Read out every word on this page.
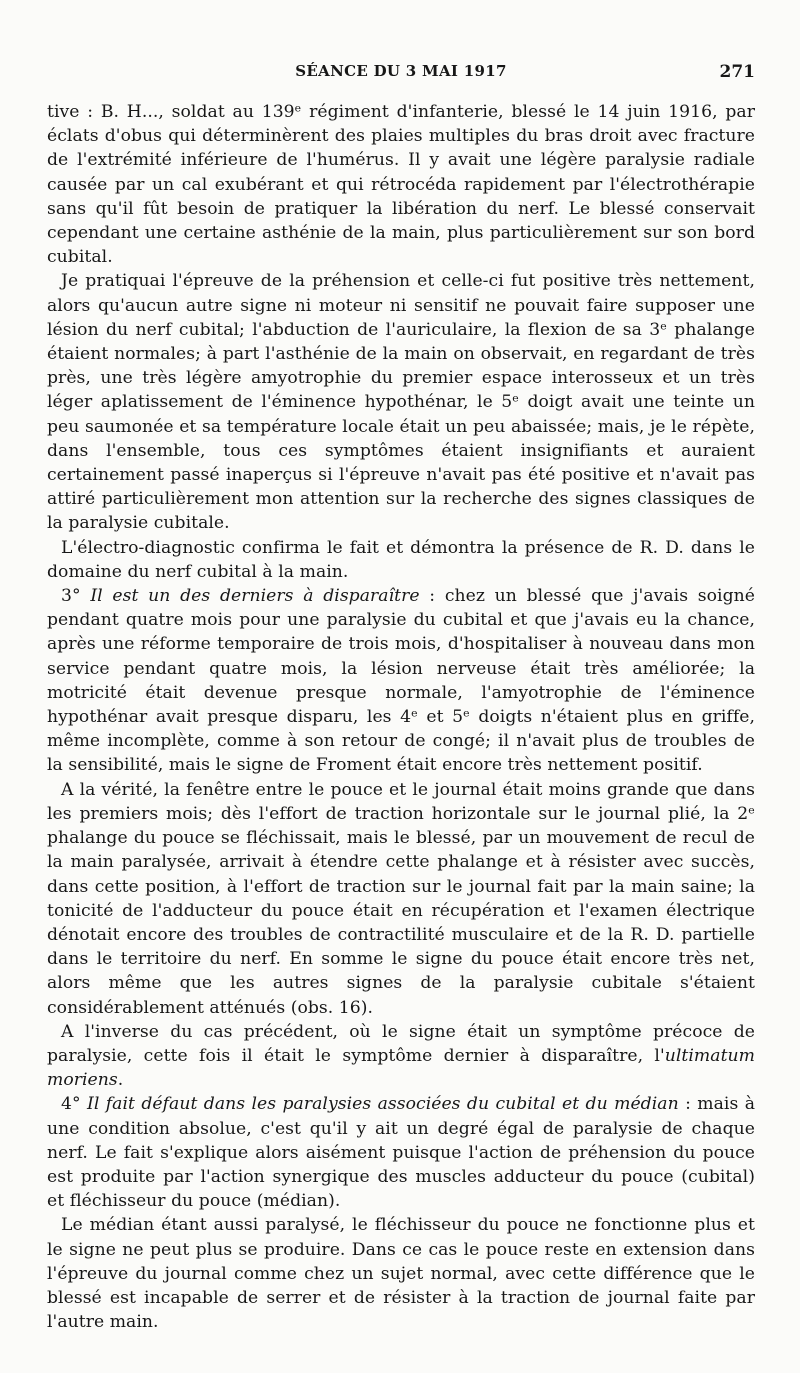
SÉANCE DU 3 MAI 1917	271

tive : B. H..., soldat au 139ᵉ régiment d'infanterie, blessé le 14 juin 1916, par éclats d'obus qui déterminèrent des plaies multiples du bras droit avec fracture de l'extrémité inférieure de l'humérus. Il y avait une légère paralysie radiale causée par un cal exubérant et qui rétrocéda rapidement par l'électrothérapie sans qu'il fût besoin de pratiquer la libération du nerf. Le blessé conservait cependant une certaine asthénie de la main, plus particulièrement sur son bord cubital.

Je pratiquai l'épreuve de la préhension et celle-ci fut positive très nettement, alors qu'aucun autre signe ni moteur ni sensitif ne pouvait faire supposer une lésion du nerf cubital; l'abduction de l'auriculaire, la flexion de sa 3ᵉ phalange étaient normales; à part l'asthénie de la main on observait, en regardant de très près, une très légère amyotrophie du premier espace interosseux et un très léger aplatissement de l'éminence hypothénar, le 5ᵉ doigt avait une teinte un peu saumonée et sa température locale était un peu abaissée; mais, je le répète, dans l'ensemble, tous ces symptômes étaient insignifiants et auraient certainement passé inaperçus si l'épreuve n'avait pas été positive et n'avait pas attiré particulièrement mon attention sur la recherche des signes classiques de la paralysie cubitale.

L'électro-diagnostic confirma le fait et démontra la présence de R. D. dans le domaine du nerf cubital à la main.

3° Il est un des derniers à disparaître : chez un blessé que j'avais soigné pendant quatre mois pour une paralysie du cubital et que j'avais eu la chance, après une réforme temporaire de trois mois, d'hospitaliser à nouveau dans mon service pendant quatre mois, la lésion nerveuse était très améliorée; la motricité était devenue presque normale, l'amyotrophie de l'éminence hypothénar avait presque disparu, les 4ᵉ et 5ᵉ doigts n'étaient plus en griffe, même incomplète, comme à son retour de congé; il n'avait plus de troubles de la sensibilité, mais le signe de Froment était encore très nettement positif.

A la vérité, la fenêtre entre le pouce et le journal était moins grande que dans les premiers mois; dès l'effort de traction horizontale sur le journal plié, la 2ᵉ phalange du pouce se fléchissait, mais le blessé, par un mouvement de recul de la main paralysée, arrivait à étendre cette phalange et à résister avec succès, dans cette position, à l'effort de traction sur le journal fait par la main saine; la tonicité de l'adducteur du pouce était en récupération et l'examen électrique dénotait encore des troubles de contractilité musculaire et de la R. D. partielle dans le territoire du nerf. En somme le signe du pouce était encore très net, alors même que les autres signes de la paralysie cubitale s'étaient considérablement atténués (obs. 16).

A l'inverse du cas précédent, où le signe était un symptôme précoce de paralysie, cette fois il était le symptôme dernier à disparaître, l'ultimatum moriens.

4° Il fait défaut dans les paralysies associées du cubital et du médian : mais à une condition absolue, c'est qu'il y ait un degré égal de paralysie de chaque nerf. Le fait s'explique alors aisément puisque l'action de préhension du pouce est produite par l'action synergique des muscles adducteur du pouce (cubital) et fléchisseur du pouce (médian).

Le médian étant aussi paralysé, le fléchisseur du pouce ne fonctionne plus et le signe ne peut plus se produire. Dans ce cas le pouce reste en extension dans l'épreuve du journal comme chez un sujet normal, avec cette différence que le blessé est incapable de serrer et de résister à la traction de journal faite par l'autre main.
